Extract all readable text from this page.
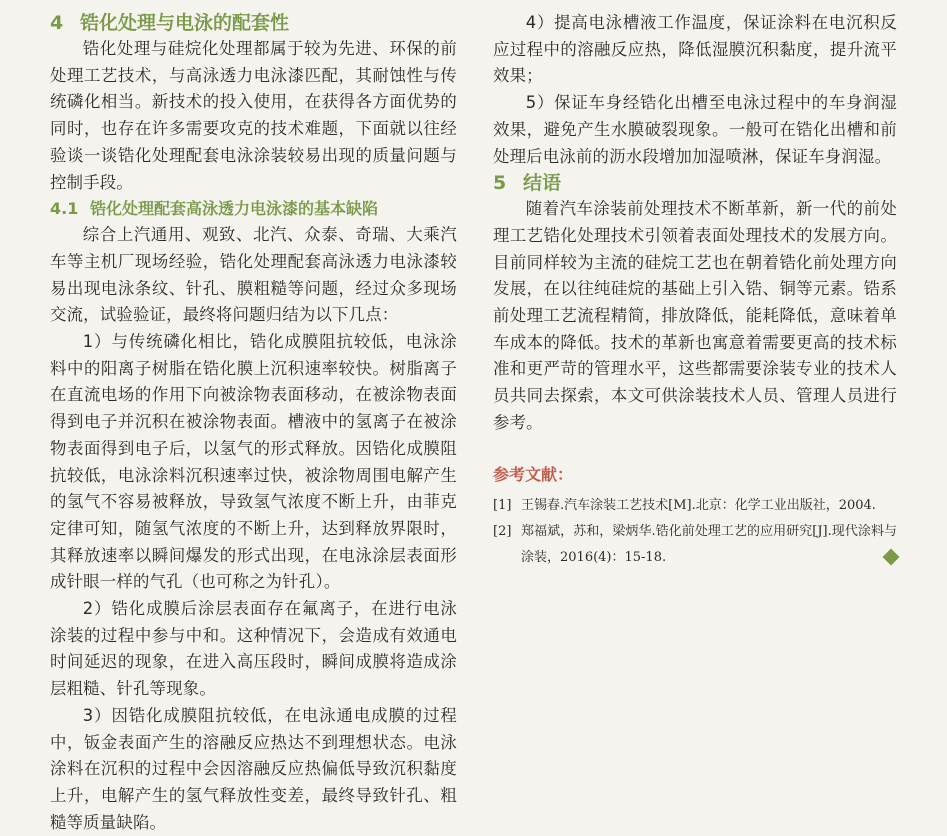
4 锆化处理与电泳的配套性

锆化处理与硅烷化处理都属于较为先进、环保的前处理工艺技术，与高泳透力电泳漆匹配，其耐蚀性与传统磷化相当。新技术的投入使用，在获得各方面优势的同时，也存在许多需要攻克的技术难题，下面就以往经验谈一谈锆化处理配套电泳涂装较易出现的质量问题与控制手段。

4.1 锆化处理配套高泳透力电泳漆的基本缺陷

综合上汽通用、观致、北汽、众泰、奇瑞、大乘汽车等主机厂现场经验，锆化处理配套高泳透力电泳漆较易出现电泳条纹、针孔、膜粗糙等问题，经过众多现场交流，试验验证，最终将问题归结为以下几点：

1）与传统磷化相比，锆化成膜阻抗较低，电泳涂料中的阳离子树脂在锆化膜上沉积速率较快。树脂离子在直流电场的作用下向被涂物表面移动，在被涂物表面得到电子并沉积在被涂物表面。槽液中的氢离子在被涂物表面得到电子后，以氢气的形式释放。因锆化成膜阻抗较低，电泳涂料沉积速率过快，被涂物周围电解产生的氢气不容易被释放，导致氢气浓度不断上升，由菲克定律可知，随氢气浓度的不断上升，达到释放界限时，其释放速率以瞬间爆发的形式出现，在电泳涂层表面形成针眼一样的气孔（也可称之为针孔）。

2）锆化成膜后涂层表面存在氟离子，在进行电泳涂装的过程中参与中和。这种情况下，会造成有效通电时间延迟的现象，在进入高压段时，瞬间成膜将造成涂层粗糙、针孔等现象。

3）因锆化成膜阻抗较低，在电泳通电成膜的过程中，钣金表面产生的溶融反应热达不到理想状态。电泳涂料在沉积的过程中会因溶融反应热偏低导致沉积黏度上升，电解产生的氢气释放性变差，最终导致针孔、粗糙等质量缺陷。

4）提高电泳槽液工作温度，保证涂料在电沉积反应过程中的溶融反应热，降低湿膜沉积黏度，提升流平效果；

5）保证车身经锆化出槽至电泳过程中的车身润湿效果，避免产生水膜破裂现象。一般可在锆化出槽和前处理后电泳前的沥水段增加加湿喷淋，保证车身润湿。

5 结语

随着汽车涂装前处理技术不断革新，新一代的前处理工艺锆化处理技术引领着表面处理技术的发展方向。目前同样较为主流的硅烷工艺也在朝着锆化前处理方向发展，在以往纯硅烷的基础上引入锆、铜等元素。锆系前处理工艺流程精简，排放降低，能耗降低，意味着单车成本的降低。技术的革新也寓意着需要更高的技术标准和更严苛的管理水平，这些都需要涂装专业的技术人员共同去探索，本文可供涂装技术人员、管理人员进行参考。

参考文献：
[1] 王锡春.汽车涂装工艺技术[M].北京：化学工业出版社，2004.
[2] 郑福斌，苏和，梁炳华.锆化前处理工艺的应用研究[J].现代涂料与涂装，2016(4)：15-18.
